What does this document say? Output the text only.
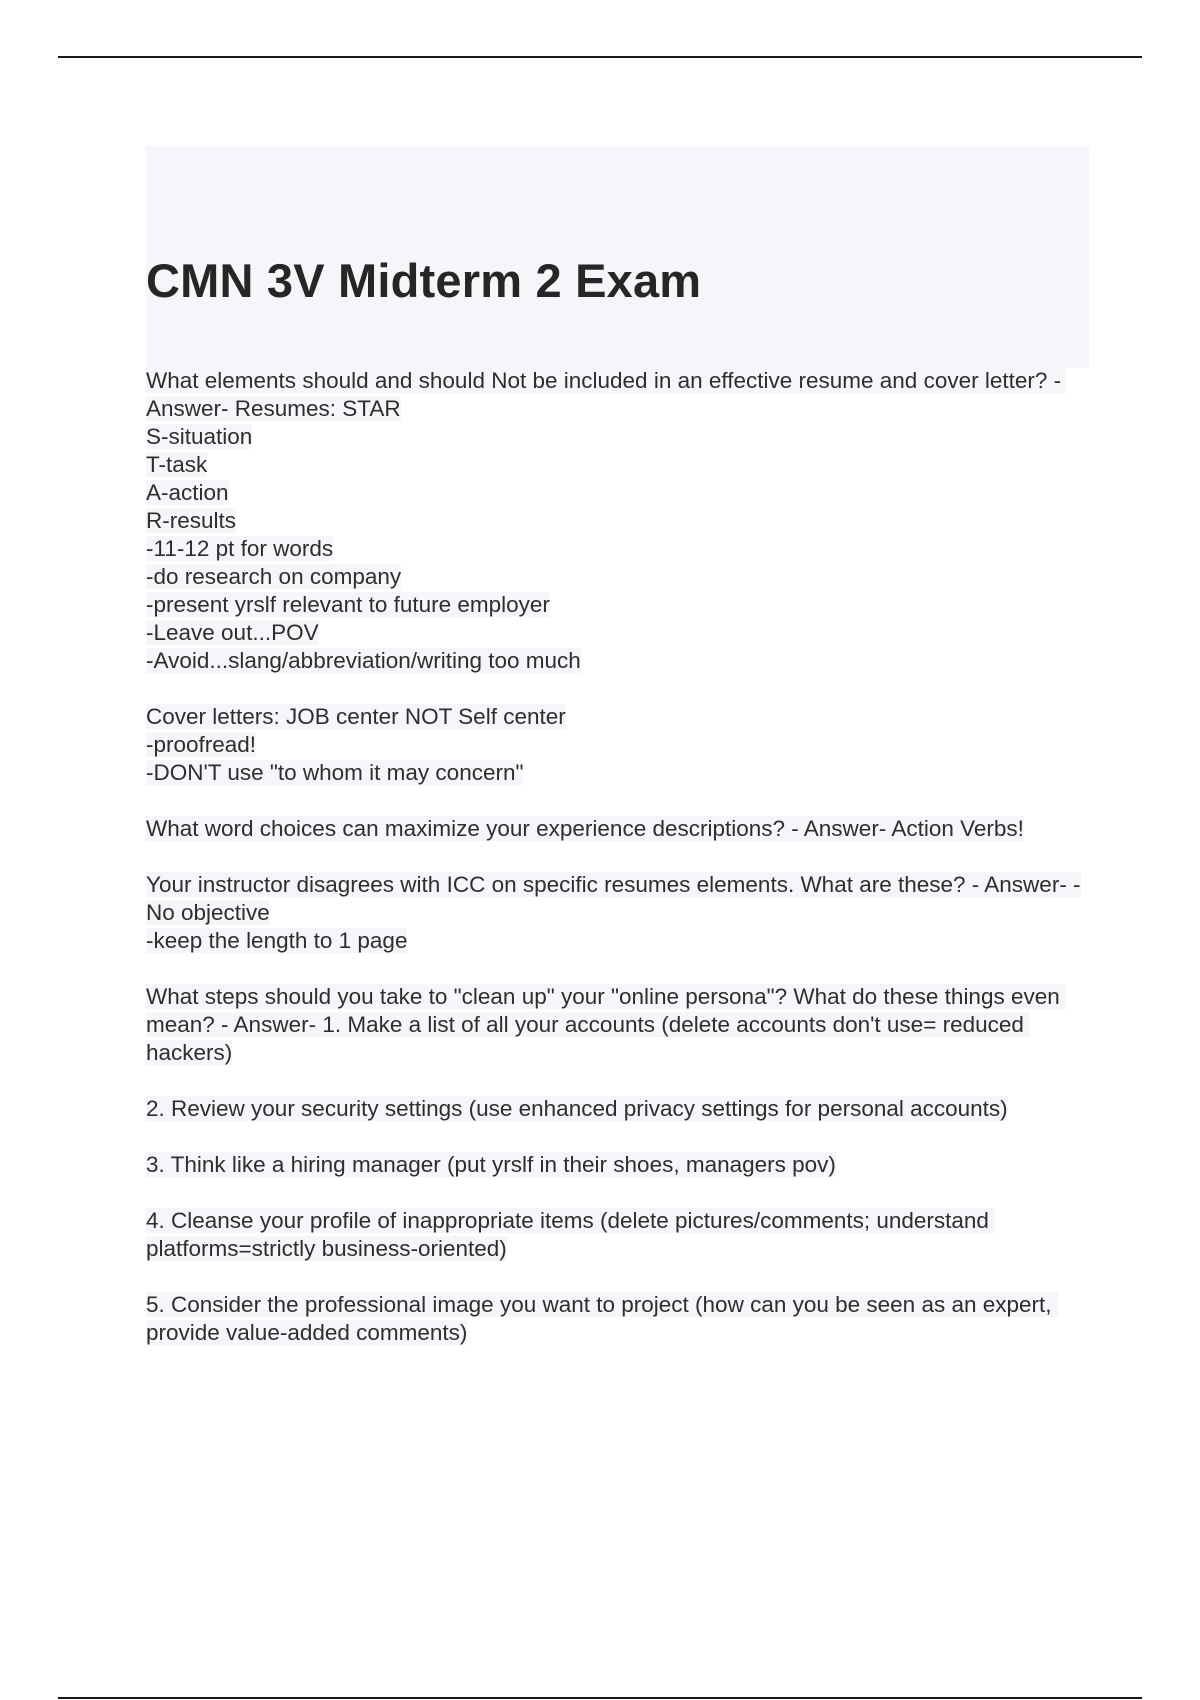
CMN 3V Midterm 2 Exam

What elements should and should Not be included in an effective resume and cover letter? - Answer- Resumes: STAR
S-situation
T-task
A-action
R-results
-11-12 pt for words
-do research on company
-present yrslf relevant to future employer
-Leave out...POV
-Avoid...slang/abbreviation/writing too much

Cover letters: JOB center NOT Self center
-proofread!
-DON'T use "to whom it may concern"

What word choices can maximize your experience descriptions? - Answer- Action Verbs!

Your instructor disagrees with ICC on specific resumes elements. What are these? - Answer- -No objective
-keep the length to 1 page

What steps should you take to "clean up" your "online persona"? What do these things even mean? - Answer- 1. Make a list of all your accounts (delete accounts don't use= reduced hackers)

2. Review your security settings (use enhanced privacy settings for personal accounts)

3. Think like a hiring manager (put yrslf in their shoes, managers pov)

4. Cleanse your profile of inappropriate items (delete pictures/comments; understand platforms=strictly business-oriented)

5. Consider the professional image you want to project (how can you be seen as an expert, provide value-added comments)
